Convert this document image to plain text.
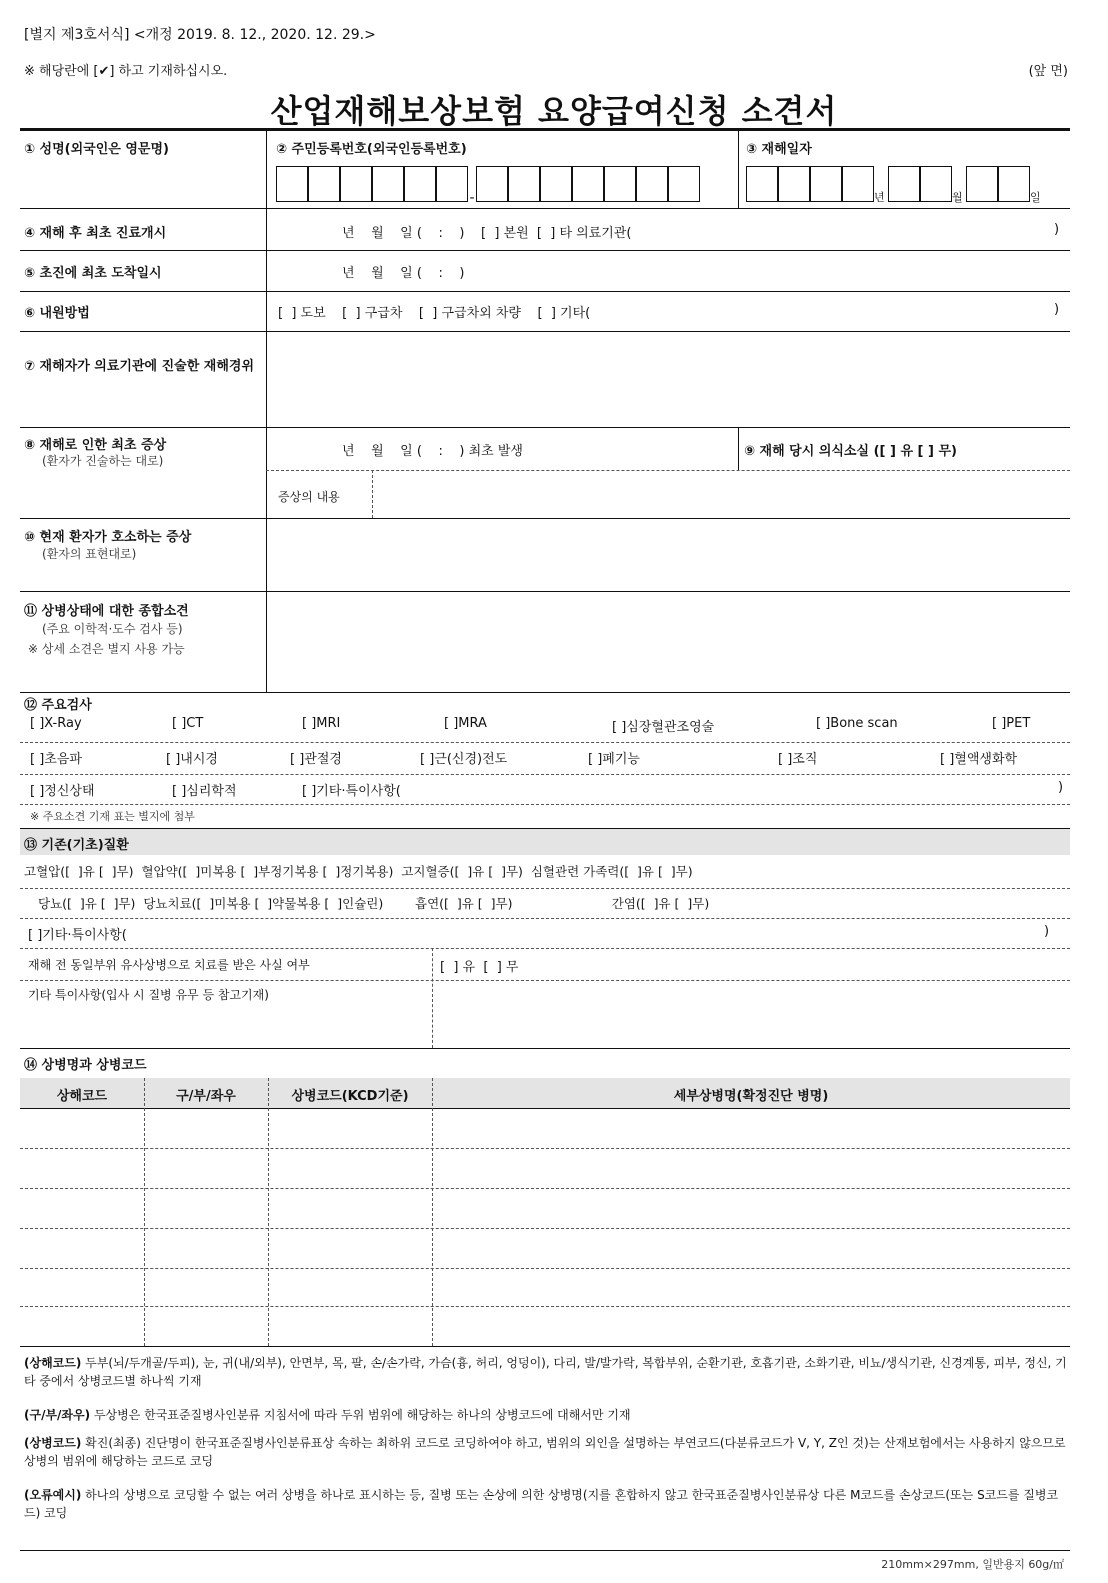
[별지 제3호서식] <개정 2019. 8. 12., 2020. 12. 29.>
※ 해당란에 [✔] 하고 기재하십시오.	(앞 면)
산업재해보상보험 요양급여신청 소견서
① 성명(외국인은 영문명)	② 주민등록번호(외국인등록번호)	③ 재해일자
-	년	월	일
④ 재해 후 최초 진료개시	년    월    일 (    :    )    [  ] 본원  [  ] 타 의료기관(	)
⑤ 초진에 최초 도착일시	년    월    일 (    :    )
⑥ 내원방법	[  ] 도보    [  ] 구급차    [  ] 구급차외 차량    [  ] 기타(	)
⑦ 재해자가 의료기관에 진술한 재해경위
⑧ 재해로 인한 최초 증상
(환자가 진술하는 대로)
년    월    일 (    :    ) 최초 발생	⑨ 재해 당시 의식소실 ([ ] 유 [ ] 무)
증상의 내용
⑩ 현재 환자가 호소하는 증상
(환자의 표현대로)
⑪ 상병상태에 대한 종합소견
(주요 이학적·도수 검사 등)
※ 상세 소견은 별지 사용 가능
⑫ 주요검사
[ ]X-Ray	[ ]CT	[ ]MRI	[ ]MRA	[ ]심장혈관조영술	[ ]Bone scan	[ ]PET
[ ]초음파	[ ]내시경	[ ]관절경	[ ]근(신경)전도	[ ]폐기능	[ ]조직	[ ]혈액생화학
[ ]정신상태	[ ]심리학적	[ ]기타·특이사항(	)
※ 주요소견 기재 표는 별지에 첨부
⑬ 기존(기초)질환
고혈압([  ]유 [  ]무)  혈압약([  ]미복용 [  ]부정기복용 [  ]정기복용)  고지혈증([  ]유 [  ]무)  심혈관련 가족력([  ]유 [  ]무)
당뇨([  ]유 [  ]무)  당뇨치료([  ]미복용 [  ]약물복용 [  ]인슐린)        흡연([  ]유 [  ]무)                         간염([  ]유 [  ]무)
[ ]기타·특이사항(	)
재해 전 동일부위 유사상병으로 치료를 받은 사실 여부	[  ] 유  [  ] 무
기타 특이사항(입사 시 질병 유무 등 참고기재)
⑭ 상병명과 상병코드
상해코드	구/부/좌우	상병코드(KCD기준)	세부상병명(확정진단 병명)
(상해코드) 두부(뇌/두개골/두피), 눈, 귀(내/외부), 안면부, 목, 팔, 손/손가락, 가슴(흉, 허리, 엉덩이), 다리, 발/발가락, 복합부위, 순환기관, 호흡기관, 소화기관, 비뇨/생식기관, 신경계통, 피부, 정신, 기타 중에서 상병코드별 하나씩 기재
(구/부/좌우) 두상병은 한국표준질병사인분류 지침서에 따라 두위 범위에 해당하는 하나의 상병코드에 대해서만 기재
(상병코드) 확진(최종) 진단명이 한국표준질병사인분류표상 속하는 최하위 코드로 코딩하여야 하고, 범위의 외인을 설명하는 부연코드(다분류코드가 V, Y, Z인 것)는 산재보험에서는 사용하지 않으므로 상병의 범위에 해당하는 코드로 코딩
(오류예시) 하나의 상병으로 코딩할 수 없는 여러 상병을 하나로 표시하는 등, 질병 또는 손상에 의한 상병명(지를 혼합하지 않고 한국표준질병사인분류상 다른 M코드를 손상코드(또는 S코드를 질병코드) 코딩
210mm×297mm, 일반용지 60g/㎡
